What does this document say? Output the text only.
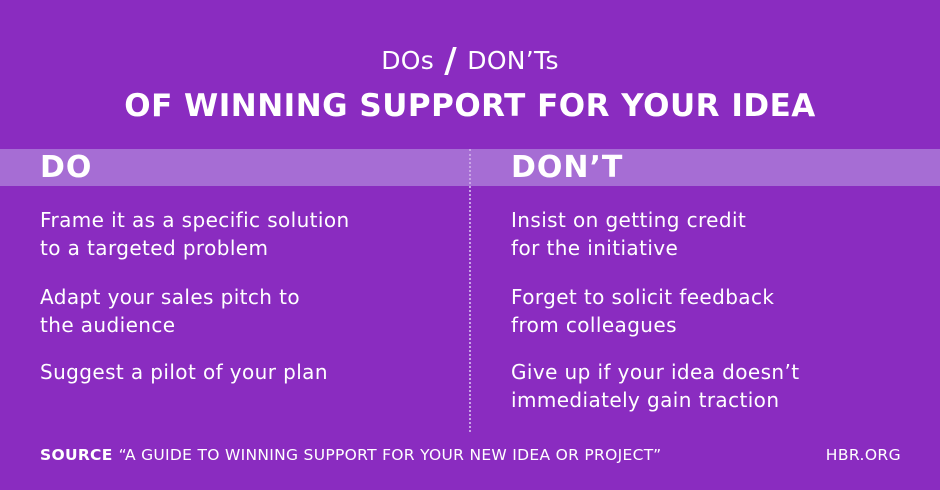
DOs / DON’Ts
OF WINNING SUPPORT FOR YOUR IDEA
DO	DON’T
Frame it as a specific solution
to a targeted problem
Adapt your sales pitch to
the audience
Suggest a pilot of your plan
Insist on getting credit
for the initiative
Forget to solicit feedback
from colleagues
Give up if your idea doesn’t
immediately gain traction
SOURCE “A GUIDE TO WINNING SUPPORT FOR YOUR NEW IDEA OR PROJECT”	HBR.ORG
